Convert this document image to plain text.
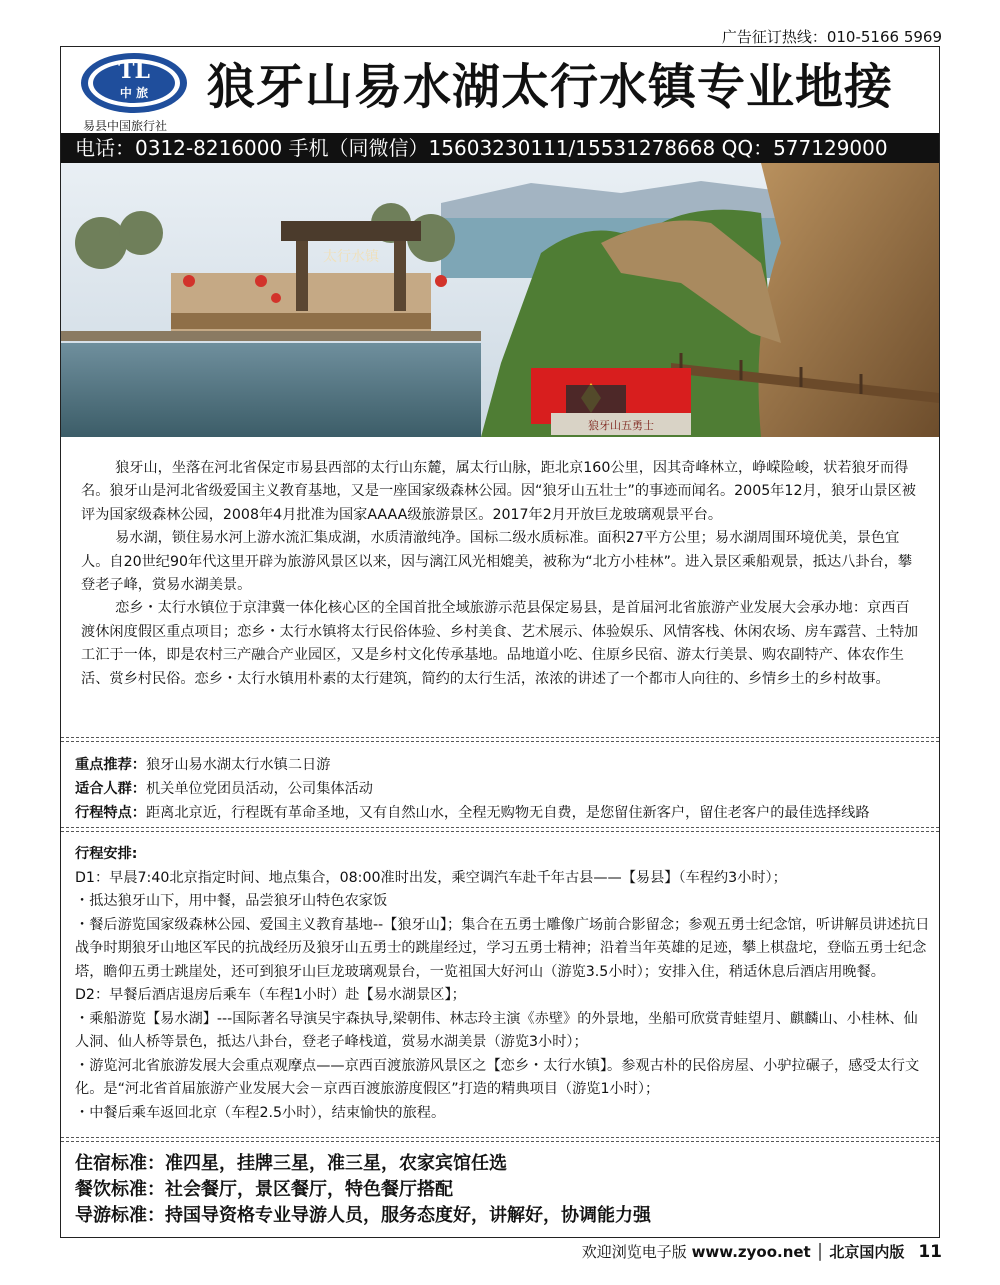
广告征订热线：010-5166 5969
TL
中 旅
易县中国旅行社
狼牙山易水湖太行水镇专业地接
电话：0312-8216000 手机（同微信）15603230111/15531278668 QQ：577129000
太行水镇
狼牙山五勇士

狼牙山，坐落在河北省保定市易县西部的太行山东麓，属太行山脉，距北京160公里，因其奇峰林立，峥嵘险峻，状若狼牙而得名。狼牙山是河北省级爱国主义教育基地，又是一座国家级森林公园。因“狼牙山五壮士”的事迹而闻名。2005年12月，狼牙山景区被评为国家级森林公园，2008年4月批准为国家AAAA级旅游景区。2017年2月开放巨龙玻璃观景平台。

易水湖，锁住易水河上游水流汇集成湖，水质清澈纯净。国标二级水质标准。面积27平方公里；易水湖周围环境优美，景色宜人。自20世纪90年代这里开辟为旅游风景区以来，因与漓江风光相媲美，被称为“北方小桂林”。进入景区乘船观景，抵达八卦台，攀登老子峰，赏易水湖美景。

恋乡・太行水镇位于京津冀一体化核心区的全国首批全域旅游示范县保定易县，是首届河北省旅游产业发展大会承办地：京西百渡休闲度假区重点项目；恋乡・太行水镇将太行民俗体验、乡村美食、艺术展示、体验娱乐、风情客栈、休闲农场、房车露营、土特加工汇于一体，即是农村三产融合产业园区，又是乡村文化传承基地。品地道小吃、住原乡民宿、游太行美景、购农副特产、体农作生活、赏乡村民俗。恋乡・太行水镇用朴素的太行建筑，简约的太行生活，浓浓的讲述了一个都市人向往的、乡情乡土的乡村故事。

重点推荐：狼牙山易水湖太行水镇二日游
适合人群：机关单位党团员活动，公司集体活动
行程特点：距离北京近，行程既有革命圣地，又有自然山水，全程无购物无自费，是您留住新客户，留住老客户的最佳选择线路
行程安排:
D1：早晨7:40北京指定时间、地点集合，08:00准时出发，乘空调汽车赴千年古县——【易县】（车程约3小时）；
・抵达狼牙山下，用中餐，品尝狼牙山特色农家饭
・餐后游览国家级森林公园、爱国主义教育基地--【狼牙山】；集合在五勇士雕像广场前合影留念；参观五勇士纪念馆，听讲解员讲述抗日战争时期狼牙山地区军民的抗战经历及狼牙山五勇士的跳崖经过，学习五勇士精神；沿着当年英雄的足迹，攀上棋盘坨，登临五勇士纪念塔，瞻仰五勇士跳崖处，还可到狼牙山巨龙玻璃观景台，一览祖国大好河山（游览3.5小时）；安排入住，稍适休息后酒店用晚餐。
D2：早餐后酒店退房后乘车（车程1小时）赴【易水湖景区】；
・乘船游览【易水湖】---国际著名导演吴宇森执导,梁朝伟、林志玲主演《赤壁》的外景地，坐船可欣赏青蛙望月、麒麟山、小桂林、仙人洞、仙人桥等景色，抵达八卦台，登老子峰栈道，赏易水湖美景（游览3小时）；
・游览河北省旅游发展大会重点观摩点——京西百渡旅游风景区之【恋乡・太行水镇】。参观古朴的民俗房屋、小驴拉碾子，感受太行文化。是“河北省首届旅游产业发展大会－京西百渡旅游度假区”打造的精典项目（游览1小时）；
・中餐后乘车返回北京（车程2.5小时），结束愉快的旅程。
住宿标准：准四星，挂牌三星，准三星，农家宾馆任选
餐饮标准：社会餐厅，景区餐厅，特色餐厅搭配
导游标准：持国导资格专业导游人员，服务态度好，讲解好，协调能力强
欢迎浏览电子版 www.zyoo.net │ 北京国内版 11
